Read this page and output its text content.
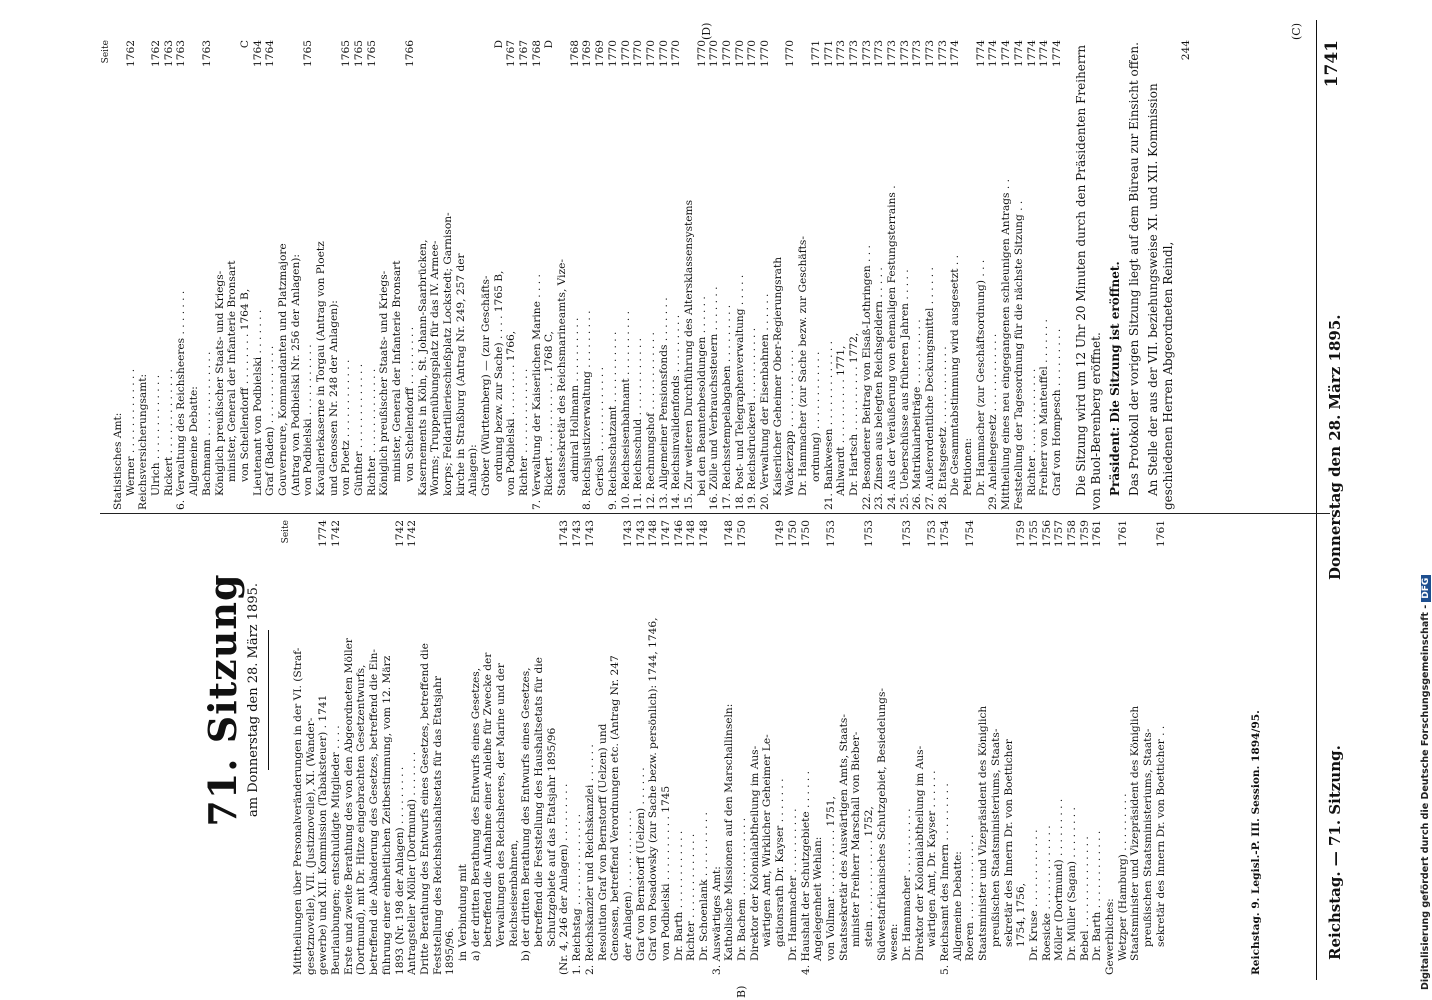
Reichstag. — 71. Sitzung.
Donnerstag den 28. März 1895.
1741
71. Sitzung am Donnerstag den 28. März 1895.
Seite
Mittheilungen über Personalveränderungen in der VI. (Straf- gesetznovelle), VII. (Justiznovelle), XI. (Wander- gewerbe) und XII. Kommission (Tabaksteuer) . 1741
1774
Beurlaubungen; entschuldigte Mitglieder . . . .
1742
Erste und zweite Berathung des von den Abgeordneten Möller (Dortmund), mit Dr. Hitze eingebrachten Gesetzentwurfs, betreffend die Abänderung des Gesetzes, betreffend die Ein- führung einer einheitlichen Zeitbestimmung, vom 12. März 1893 (Nr. 198 der Anlagen) . . . . . . . . .
1742
Antragsteller Möller (Dortmund) . . . . . . .
1742
Dritte Berathung des Entwurfs eines Gesetzes, betreffend die Feststellung des Reichshaushaltsetats für das Etatsjahr 1895/96. in Verbindung mit a) der dritten Berathung des Entwurfs eines Gesetzes, betreffend die Aufnahme einer Anleihe für Zwecke der Verwaltungen des Reichsheeres, der Marine und der Reichseisenbahnen, b) der dritten Berathung des Entwurfs eines Gesetzes, betreffend die Feststellung des Haushaltsetats für die Schutzgebiete auf das Etatsjahr 1895/96 (Nr. 4, 246 der Anlagen) . . . . . . . . .
1743
1. Reichstag . . . . . . . . . . . . . .
1743
2. Reichskanzler und Reichskanzlei . . . . . .
1743
Resolution Graf von Bernstorff (Uelzen) und Genossen, betreffend Verordnungen etc. (Antrag Nr. 247 der Anlagen) . . . . . . . . . . . .
1743
Graf von Bernstorff (Uelzen) . . . . . .
1743
Graf von Posadowsky (zur Sache bezw. persönlich): 1744, 1746,
1748
von Podbielski . . . . . . . . . . 1745
1747
Dr. Barth . . . . . . . . . . . .
1746
Richter . . . . . . . . . . . . .
1748
Dr. Schoenlank . . . . . . . . . .
1748
3. Auswärtiges Amt: Katholische Missionen auf den Marschallinseln:
1748
Dr. Bachem . . . . . . . . . . . .
1750
Direktor der Kolonialabtheilung im Aus- wärtigen Amt, Wirklicher Geheimer Le- gationsrath Dr. Kayser . . . . . . .
1749
Dr. Hammacher . . . . . . . . . .
1750
4. Haushalt der Schutzgebiete . . . . . .
1750
Angelegenheit Wehlan: von Vollmar . . . . . . . . . . 1751,
1753
Staatssekretär des Auswärtigen Amts, Staats- minister Freiherr Marschall von Bieber- stein . . . . . . . . . . . . 1752,
1753
Südwestafrikanisches Schutzgebiet, Besiedelungs- wesen: Dr. Hammacher . . . . . . . . . .
1753
Direktor der Kolonialabtheilung im Aus- wärtigen Amt, Dr. Kayser . . . . . .
1753
5. Reichsamt des Innern . . . . . . . . .
1754
Allgemeine Debatte: Roeren . . . . . . . . . . . . .
1754
Staatsminister und Vizepräsident des Königlich preußischen Staatsministeriums, Staats- sekretär des Innern Dr. von Boetticher 1754, 1756,
1759
Dr. Kruse . . . . . . . . . . . .
1755
Roesicke . . . . . . . . . . . . .
1756
Möller (Dortmund) . . . . . . . . .
1757
Dr. Müller (Sagan) . . . . . . . .
1758
Bebel . . . . . . . . . . . . . .
1759
Dr. Barth . . . . . . . . . . . .
1761
Gewerbliches: Wetzper (Hamburg) . . . . . . . . .
1761
Staatsminister und Vizepräsident des Königlich preußischen Staatsministeriums, Staats- sekretär des Innern Dr. von Boetticher . .
1761
Seite
Statistisches Amt: Werner . . . . . . . . . . . . .
1762
Reichsversicherungsamt: Ulrich . . . . . . . . . . . . .
1762
Rickert . . . . . . . . . . . . .
1763
6. Verwaltung des Reichsheeres . . . . . . .
1763
Allgemeine Debatte: Bachmann . . . . . . . . . . . . .
1763
Königlich preußischer Staats- und Kriegs- minister, General der Infanterie Bronsart von Schellendorff . . . . . . . . 1764 B,
C
Lieutenant von Podbielski . . . . . . .
1764
Graf (Baden) . . . . . . . . . . . .
1764
Gouverneure, Kommandanten und Platzmajore (Antrag von Podbielski Nr. 256 der Anlagen): von Podbielski . . . . . . . . . . .
1765
Kavalleriekaserne in Torgau (Antrag von Ploetz und Genossen Nr. 248 der Anlagen): von Ploetz . . . . . . . . . . . .
1765
Günther . . . . . . . . . . . . .
1765
Richter . . . . . . . . . . . . .
1765
Königlich preußischer Staats- und Kriegs- minister, General der Infanterie Bronsart von Schellendorff . . . . . . . . .
1766
Kasernements in Köln, St. Johann-Saarbrücken, Worms; Truppenübungsplatz für das IV. Armee- korps; Feldartillerieschießplatz Lockstedt; Garnison- kirche in Straßburg (Antrag Nr. 249, 257 der Anlagen): Gröber (Württemberg) — (zur Geschäfts- ordnung bezw. zur Sache) . . . . 1765 B,
D
von Podbielski . . . . . . . . 1766,
1767
Richter . . . . . . . . . . . . .
1767
7. Verwaltung der Kaiserlichen Marine . . . .
1768
Rickert . . . . . . . . . . . . 1768 C,
D
Staatssekretär des Reichsmarineamts, Vize- admiral Hollmann . . . . . . . . . .
1768
8. Reichsjustizverwaltung . . . . . . . . .
1769
Gerisch . . . . . . . . . . . . .
1769
9. Reichsschatzamt . . . . . . . . . . .
1770
10. Reichseisenbahnamt . . . . . . . . . .
1770
11. Reichsschuld . . . . . . . . . . . .
1770
12. Rechnungshof . . . . . . . . . . . .
1770
13. Allgemeiner Pensionsfonds . . . . . . .
1770
14. Reichsinvalidenfonds . . . . . . . . .
1770
15. Zur weiteren Durchführung des Altersklassensystems bei den Beamtenbesoldungen . . . . . .
1770
16. Zölle und Verbrauchssteuern . . . . . . .
1770
17. Reichsstempelabgaben . . . . . . . . .
1770
18. Post- und Telegraphenverwaltung . . . . .
1770
19. Reichsdruckerei . . . . . . . . . . .
1770
20. Verwaltung der Eisenbahnen . . . . . .
1770
Kaiserlicher Geheimer Ober-Regierungsrath Wackerzapp . . . . . . . . . . . .
1770
Dr. Hammacher (zur Sache bezw. zur Geschäfts- ordnung) . . . . . . . . . . . .
1771
21. Bankwesen . . . . . . . . . . . . .
1771
Ahlwardt . . . . . . . . . . 1771,
1773
Dr. Hartsch . . . . . . . . . . 1772,
1773
22. Besonderer Beitrag von Elsaß-Lothringen . . .
1773
23. Zinsen aus belegten Reichsgeldern . . . . .
1773
24. Aus der Veräußerung von ehemaligen Festungsterrains .
1773
25. Ueberschüsse aus früheren Jahren . . . . .
1773
26. Matrikularbeiträge . . . . . . . . . .
1773
27. Außerordentliche Deckungsmittel . . . . . .
1773
28. Etatsgesetz . . . . . . . . . . . .
1773
Die Gesammtabstimmung wird ausgesetzt . .
1774
Petitionen: Dr. Hammacher (zur Geschäftsordnung) . . .
1774
29. Anleihegesetz . . . . . . . . . . . .
1774
Mittheilung eines neu eingegangenen schleunigen Antrags . .
1774
Feststellung der Tagesordnung für die nächste Sitzung . .
1774
Richter . . . . . . . . . . . . .
1774
Freiherr von Manteuffel . . . . . . .
1774
Graf von Hompesch . . . . . . . . .
1774 Die Sitzung wird um 12 Uhr 20 Minuten durch den Präsidenten Freiherrn von Buol-Berenberg eröffnet. Präsident: Die Sitzung ist eröffnet. Das Protokoll der vorigen Sitzung liegt auf dem Büreau zur Einsicht offen. An Stelle der aus der VII. beziehungsweise XI. und XII. Kommission geschiedenen Herren Abgeordneten Reindl,
244
Reichstag. 9. Legisl.-P. III. Session. 1894/95.
(C)
(D)
B)
Digitalisierung gefördert durch die Deutsche Forschungsgemeinschaft -DFG
